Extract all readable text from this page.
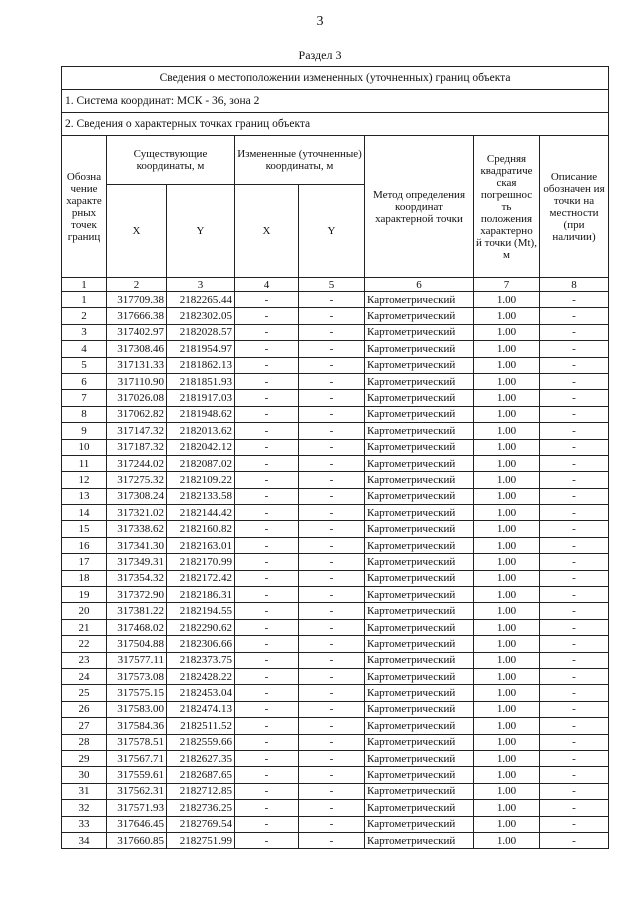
3
Раздел 3
Сведения о местоположении измененных (уточненных) границ объекта							
1. Система координат: МСК - 36, зона 2							
2. Сведения о характерных точках границ объекта							
Обозна чение характе рных точек границ	Существующие координаты, м		Измененные (уточненные) координаты, м		Метод определения координат характерной точки	Средняя квадратиче ская погрешнос ть положения характерно й точки (Mt), м	Описание обозначен ия точки на местности (при наличии)
	X	Y	X	Y			
1	2	3	4	5	6	7	8
1	317709.38	2182265.44	-	-	Картометрический	1.00	-
2	317666.38	2182302.05	-	-	Картометрический	1.00	-
3	317402.97	2182028.57	-	-	Картометрический	1.00	-
4	317308.46	2181954.97	-	-	Картометрический	1.00	-
5	317131.33	2181862.13	-	-	Картометрический	1.00	-
6	317110.90	2181851.93	-	-	Картометрический	1.00	-
7	317026.08	2181917.03	-	-	Картометрический	1.00	-
8	317062.82	2181948.62	-	-	Картометрический	1.00	-
9	317147.32	2182013.62	-	-	Картометрический	1.00	-
10	317187.32	2182042.12	-	-	Картометрический	1.00	-
11	317244.02	2182087.02	-	-	Картометрический	1.00	-
12	317275.32	2182109.22	-	-	Картометрический	1.00	-
13	317308.24	2182133.58	-	-	Картометрический	1.00	-
14	317321.02	2182144.42	-	-	Картометрический	1.00	-
15	317338.62	2182160.82	-	-	Картометрический	1.00	-
16	317341.30	2182163.01	-	-	Картометрический	1.00	-
17	317349.31	2182170.99	-	-	Картометрический	1.00	-
18	317354.32	2182172.42	-	-	Картометрический	1.00	-
19	317372.90	2182186.31	-	-	Картометрический	1.00	-
20	317381.22	2182194.55	-	-	Картометрический	1.00	-
21	317468.02	2182290.62	-	-	Картометрический	1.00	-
22	317504.88	2182306.66	-	-	Картометрический	1.00	-
23	317577.11	2182373.75	-	-	Картометрический	1.00	-
24	317573.08	2182428.22	-	-	Картометрический	1.00	-
25	317575.15	2182453.04	-	-	Картометрический	1.00	-
26	317583.00	2182474.13	-	-	Картометрический	1.00	-
27	317584.36	2182511.52	-	-	Картометрический	1.00	-
28	317578.51	2182559.66	-	-	Картометрический	1.00	-
29	317567.71	2182627.35	-	-	Картометрический	1.00	-
30	317559.61	2182687.65	-	-	Картометрический	1.00	-
31	317562.31	2182712.85	-	-	Картометрический	1.00	-
32	317571.93	2182736.25	-	-	Картометрический	1.00	-
33	317646.45	2182769.54	-	-	Картометрический	1.00	-
34	317660.85	2182751.99	-	-	Картометрический	1.00	-
